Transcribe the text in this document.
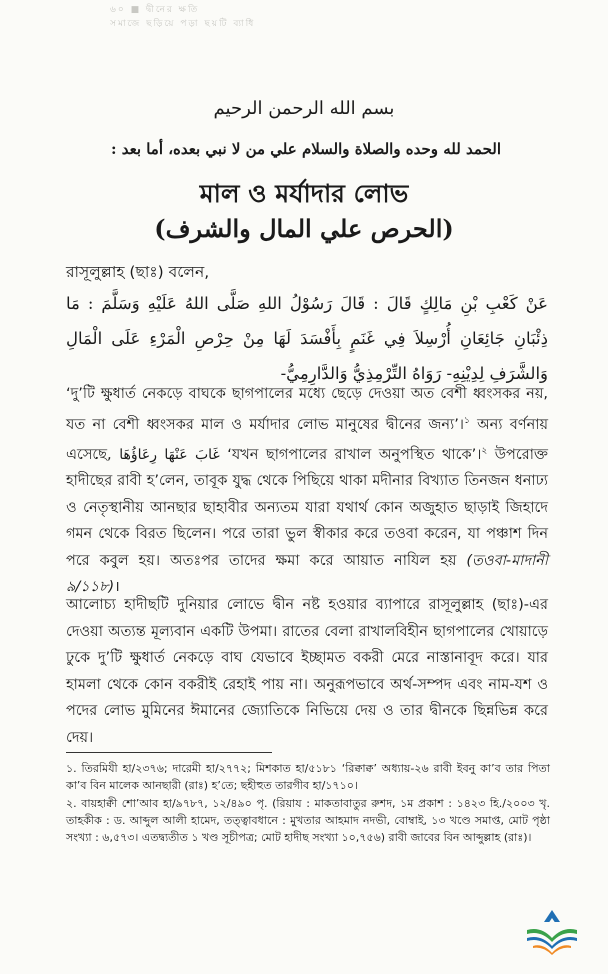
৬০ ■ দ্বীনের ক্ষতি
সমাজে ছড়িয়ে পড়া ছয়টি ব্যাধি
بسم الله الرحمن الرحيم
الحمد لله وحده والصلاة والسلام علي من لا نبي بعده، أما بعد :
মাল ও মর্যাদার লোভ
(الحرص علي المال والشرف)
রাসূলুল্লাহ (ছাঃ) বলেন,
عَنْ كَعْبِ بْنِ مَالِكٍ قَالَ : قَالَ رَسُوْلُ اللهِ صَلَّى اللهُ عَلَيْهِ وَسَلَّمَ : مَا ذِئْبَانِ جَائِعَانِ أُرْسِلاَ فِي غَنَمٍ بِأَفْسَدَ لَهَا مِنْ حِرْصِ الْمَرْءِ عَلَى الْمَالِ وَالشَّرَفِ لِدِيْنِهِ- رَوَاهُ التِّرْمِذِيُّ وَالدَّارِمِيُّ-
‘দু’টি ক্ষুধার্ত নেকড়ে বাঘকে ছাগপালের মধ্যে ছেড়ে দেওয়া অত বেশী ধ্বংসকর নয়, যত না বেশী ধ্বংসকর মাল ও মর্যাদার লোভ মানুষের দ্বীনের জন্য’।$^১$ অন্য বর্ণনায় এসেছে, غَابَ عَنْهَا رِعَاؤُهَا ‘যখন ছাগপালের রাখাল অনুপস্থিত থাকে’।$^২$ উপরোক্ত হাদীছের রাবী হ’লেন, তাবূক যুদ্ধ থেকে পিছিয়ে থাকা মদীনার বিখ্যাত তিনজন ধনাঢ্য ও নেতৃস্থানীয় আনছার ছাহাবীর অন্যতম যারা যথার্থ কোন অজুহাত ছাড়াই জিহাদে গমন থেকে বিরত ছিলেন। পরে তারা ভুল স্বীকার করে তওবা করেন, যা পঞ্চাশ দিন পরে কবুল হয়। অতঃপর তাদের ক্ষমা করে আয়াত নাযিল হয় (তওবা-মাদানী ৯/১১৮)।
আলোচ্য হাদীছটি দুনিয়ার লোভে দ্বীন নষ্ট হওয়ার ব্যাপারে রাসূলুল্লাহ (ছাঃ)-এর দেওয়া অত্যন্ত মূল্যবান একটি উপমা। রাতের বেলা রাখালবিহীন ছাগপালের খোয়াড়ে ঢুকে দু’টি ক্ষুধার্ত নেকড়ে বাঘ যেভাবে ইচ্ছামত বকরী মেরে নাস্তানাবূদ করে। যার হামলা থেকে কোন বকরীই রেহাই পায় না। অনুরূপভাবে অর্থ-সম্পদ এবং নাম-যশ ও পদের লোভ মুমিনের ঈমানের জ্যোতিকে নিভিয়ে দেয় ও তার দ্বীনকে ছিন্নভিন্ন করে দেয়।
১. তিরমিযী হা/২৩৭৬; দারেমী হা/২৭৭২; মিশকাত হা/৫১৮১ ‘রিক্বাক্ব’ অধ্যায়-২৬ রাবী ইবনু কা’ব তার পিতা কা’ব বিন মালেক আনছারী (রাঃ) হ’তে; ছহীহুত তারগীব হা/১৭১০।
২. বায়হাক্বী শো’আব হা/৯৭৮৭, ১২/৪৯০ পৃ. (রিয়ায : মাকতাবাতুর রুশদ, ১ম প্রকাশ : ১৪২৩ হি./২০০৩ খৃ. তাহকীক : ড. আব্দুল আলী হামেদ, তত্ত্বাবধানে : মুখতার আহমাদ নদভী, বোম্বাই, ১৩ খণ্ডে সমাপ্ত, মোট পৃষ্ঠা সংখ্যা : ৬,৫৭৩। এতদ্ব্যতীত ১ খণ্ড সূচীপত্র; মোট হাদীছ সংখ্যা ১০,৭৫৬) রাবী জাবের বিন আব্দুল্লাহ (রাঃ)।
